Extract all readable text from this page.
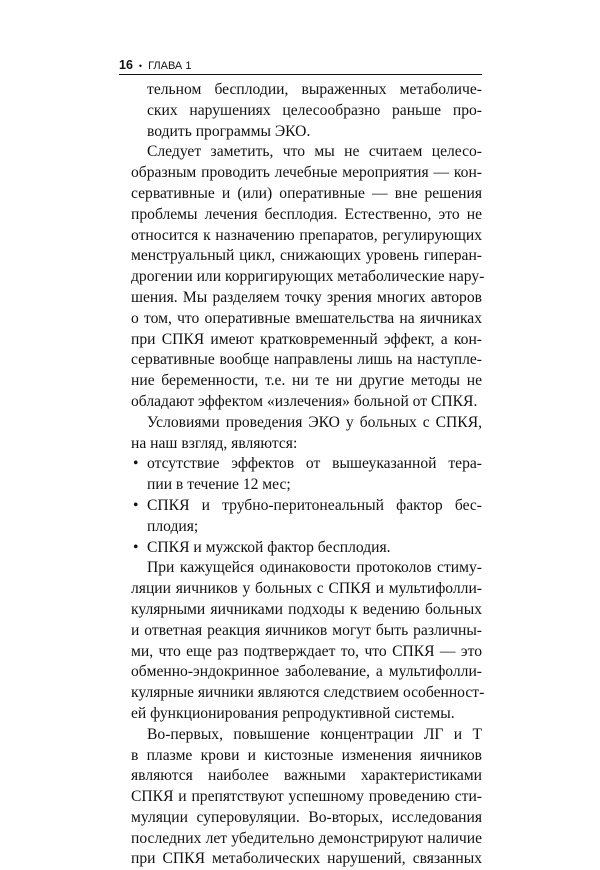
16 • ГЛАВА 1
тельном бесплодии, выраженных метаболиче-
ских нарушениях целесообразно раньше про-
водить программы ЭКО.
Следует заметить, что мы не считаем целесо-
образным проводить лечебные мероприятия — кон-
сервативные и (или) оперативные — вне решения
проблемы лечения бесплодия. Естественно, это не
относится к назначению препаратов, регулирующих
менструальный цикл, снижающих уровень гиперан-
дрогении или корригирующих метаболические нару-
шения. Мы разделяем точку зрения многих авторов
о том, что оперативные вмешательства на яичниках
при СПКЯ имеют кратковременный эффект, а кон-
сервативные вообще направлены лишь на наступле-
ние беременности, т.е. ни те ни другие методы не
обладают эффектом «излечения» больной от СПКЯ.
Условиями проведения ЭКО у больных с СПКЯ,
на наш взгляд, являются:
• отсутствие эффектов от вышеуказанной тера-
пии в течение 12 мес;
• СПКЯ и трубно-перитонеальный фактор бес-
плодия;
• СПКЯ и мужской фактор бесплодия.
При кажущейся одинаковости протоколов стиму-
ляции яичников у больных с СПКЯ и мультифолли-
кулярными яичниками подходы к ведению больных
и ответная реакция яичников могут быть различны-
ми, что еще раз подтверждает то, что СПКЯ — это
обменно-эндокринное заболевание, а мультифолли-
кулярные яичники являются следствием особенност-
ей функционирования репродуктивной системы.
Во-первых, повышение концентрации ЛГ и Т
в плазме крови и кистозные изменения яичников
являются наиболее важными характеристиками
СПКЯ и препятствуют успешному проведению сти-
муляции суперовуляции. Во-вторых, исследования
последних лет убедительно демонстрируют наличие
при СПКЯ метаболических нарушений, связанных
